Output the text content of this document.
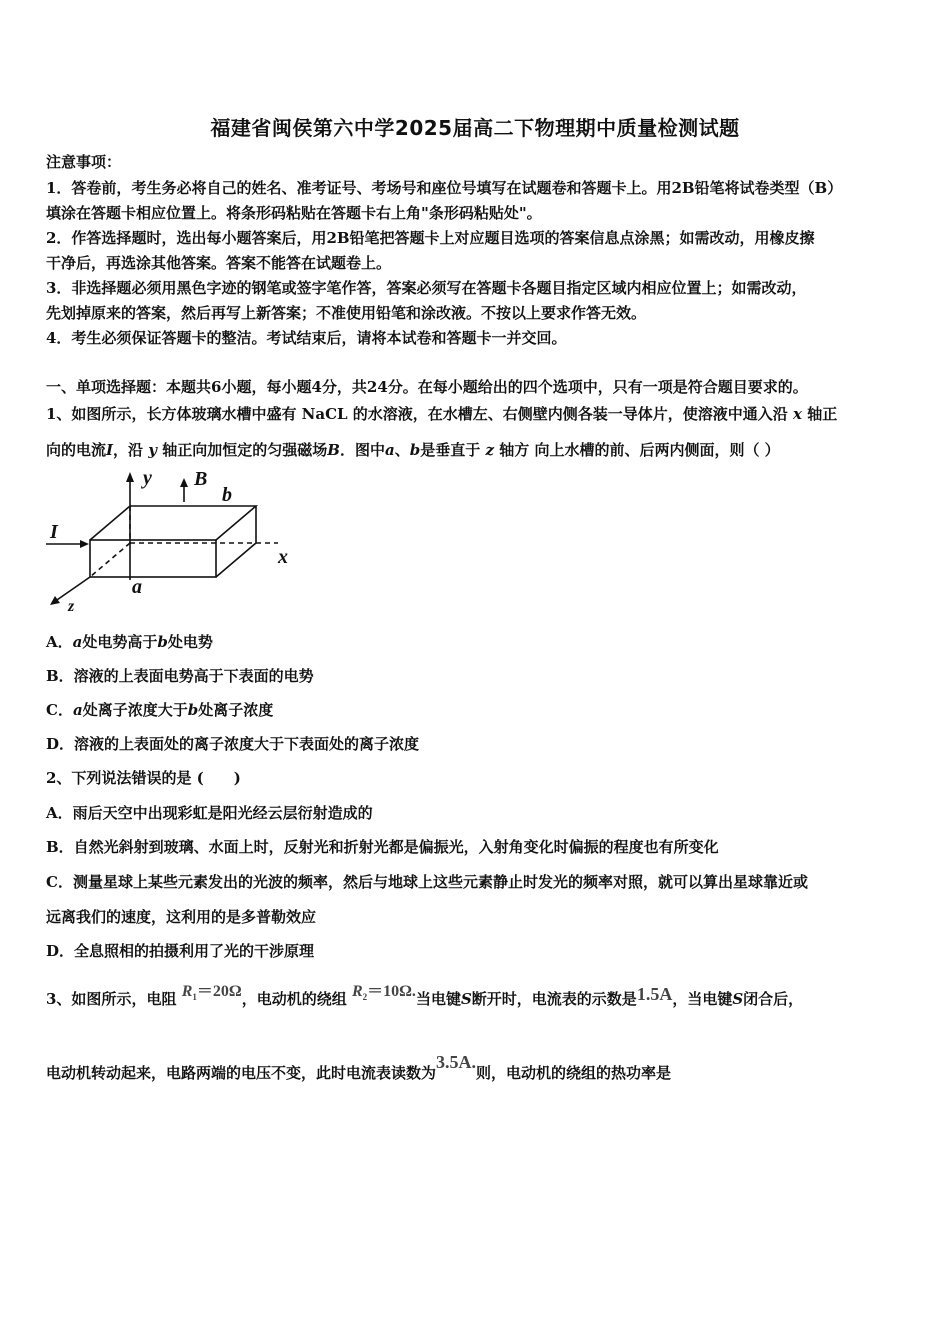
福建省闽侯第六中学2025届高二下物理期中质量检测试题
注意事项：
1．答卷前，考生务必将自己的姓名、准考证号、考场号和座位号填写在试题卷和答题卡上。用2B铅笔将试卷类型（B）
填涂在答题卡相应位置上。将条形码粘贴在答题卡右上角"条形码粘贴处"。
2．作答选择题时，选出每小题答案后，用2B铅笔把答题卡上对应题目选项的答案信息点涂黑；如需改动，用橡皮擦
干净后，再选涂其他答案。答案不能答在试题卷上。
3．非选择题必须用黑色字迹的钢笔或签字笔作答，答案必须写在答题卡各题目指定区域内相应位置上；如需改动，
先划掉原来的答案，然后再写上新答案；不准使用铅笔和涂改液。不按以上要求作答无效。
4．考生必须保证答题卡的整洁。考试结束后，请将本试卷和答题卡一并交回。
一、单项选择题：本题共6小题，每小题4分，共24分。在每小题给出的四个选项中，只有一项是符合题目要求的。
1、如图所示，长方体玻璃水槽中盛有 NaCL 的水溶液，在水槽左、右侧壁内侧各装一导体片，使溶液中通入沿 x 轴正
向的电流I，沿 y 轴正向加恒定的匀强磁场B．图中a、b是垂直于 z 轴方 向上水槽的前、后两内侧面，则（ ）
y B
b
I
x
a
z
A．a处电势高于b处电势
B．溶液的上表面电势高于下表面的电势
C．a处离子浓度大于b处离子浓度
D．溶液的上表面处的离子浓度大于下表面处的离子浓度
2、下列说法错误的是 (　　)
A．雨后天空中出现彩虹是阳光经云层衍射造成的
B．自然光斜射到玻璃、水面上时，反射光和折射光都是偏振光，入射角变化时偏振的程度也有所变化
C．测量星球上某些元素发出的光波的频率，然后与地球上这些元素静止时发光的频率对照，就可以算出星球靠近或
远离我们的速度，这利用的是多普勒效应
D．全息照相的拍摄利用了光的干涉原理
3、如图所示，电阻 $R_1=20\Omega$，电动机的绕组 $R_2=10\Omega$.当电键S断开时，电流表的示数是1.5A，当电键S闭合后，
电动机转动起来，电路两端的电压不变，此时电流表读数为3.5A.则，电动机的绕组的热功率是
